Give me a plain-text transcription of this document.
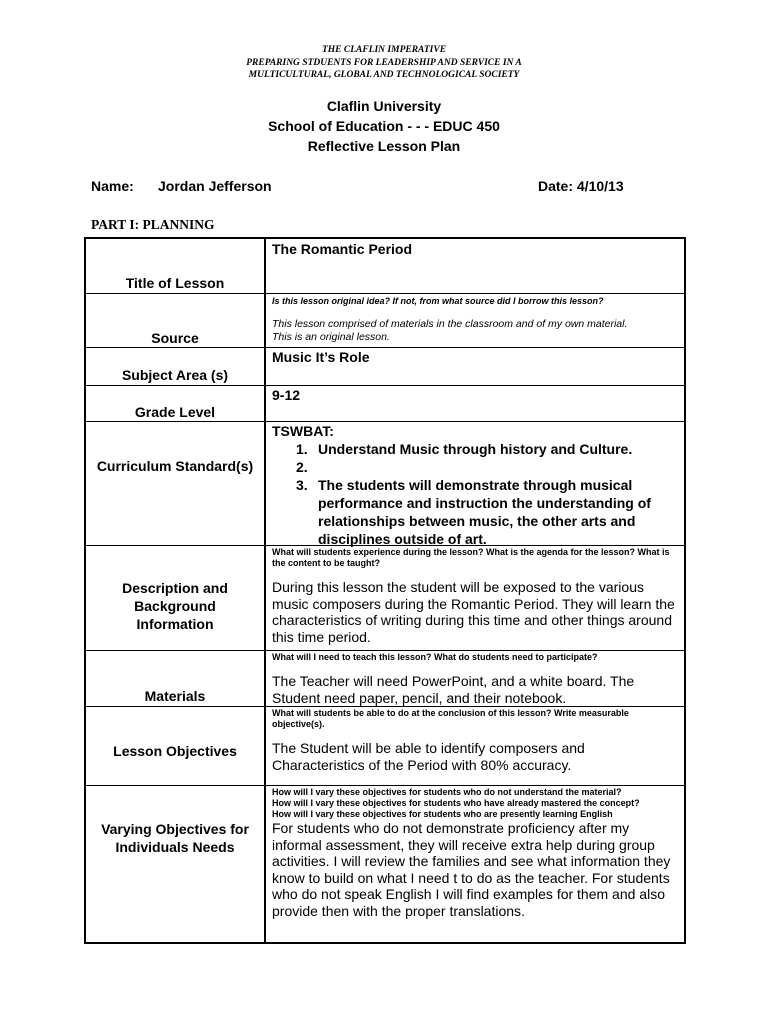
THE CLAFLIN IMPERATIVE
PREPARING STDUENTS FOR LEADERSHIP AND SERVICE IN A
MULTICULTURAL, GLOBAL AND TECHNOLOGICAL SOCIETY
Claflin University
School of Education - - - EDUC 450
Reflective Lesson Plan
Name: Jordan Jefferson	Date: 4/10/13
PART I: PLANNING
Title of Lesson
The Romantic Period
Source
Is this lesson original idea? If not, from what source did I borrow this lesson?
This lesson comprised of materials in the classroom and of my own material.
This is an original lesson.
Subject Area (s)
Music It’s Role
Grade Level
9-12
Curriculum Standard(s)
TSWBAT:
1. Understand Music through history and Culture.
2.

3. The students will demonstrate through musical performance and instruction the understanding of relationships between music, the other arts and disciplines outside of art.
Description and
Background
Information
What will students experience during the lesson? What is the agenda for the lesson? What is the content to be taught?
During this lesson the student will be exposed to the various music composers during the Romantic Period. They will learn the characteristics of writing during this time and other things around this time period.
Materials
What will I need to teach this lesson? What do students need to participate?
The Teacher will need PowerPoint, and a white board. The Student need paper, pencil, and their notebook.
Lesson Objectives
What will students be able to do at the conclusion of this lesson? Write measurable objective(s).
The Student will be able to identify composers and Characteristics of the Period with 80% accuracy.
Varying Objectives for
Individuals Needs
How will I vary these objectives for students who do not understand the material?
How will I vary these objectives for students who have already mastered the concept?
How will I vary these objectives for students who are presently learning English
For students who do not demonstrate proficiency after my informal assessment, they will receive extra help during group activities. I will review the families and see what information they know to build on what I need t to do as the teacher. For students who do not speak English I will find examples for them and also provide then with the proper translations.
